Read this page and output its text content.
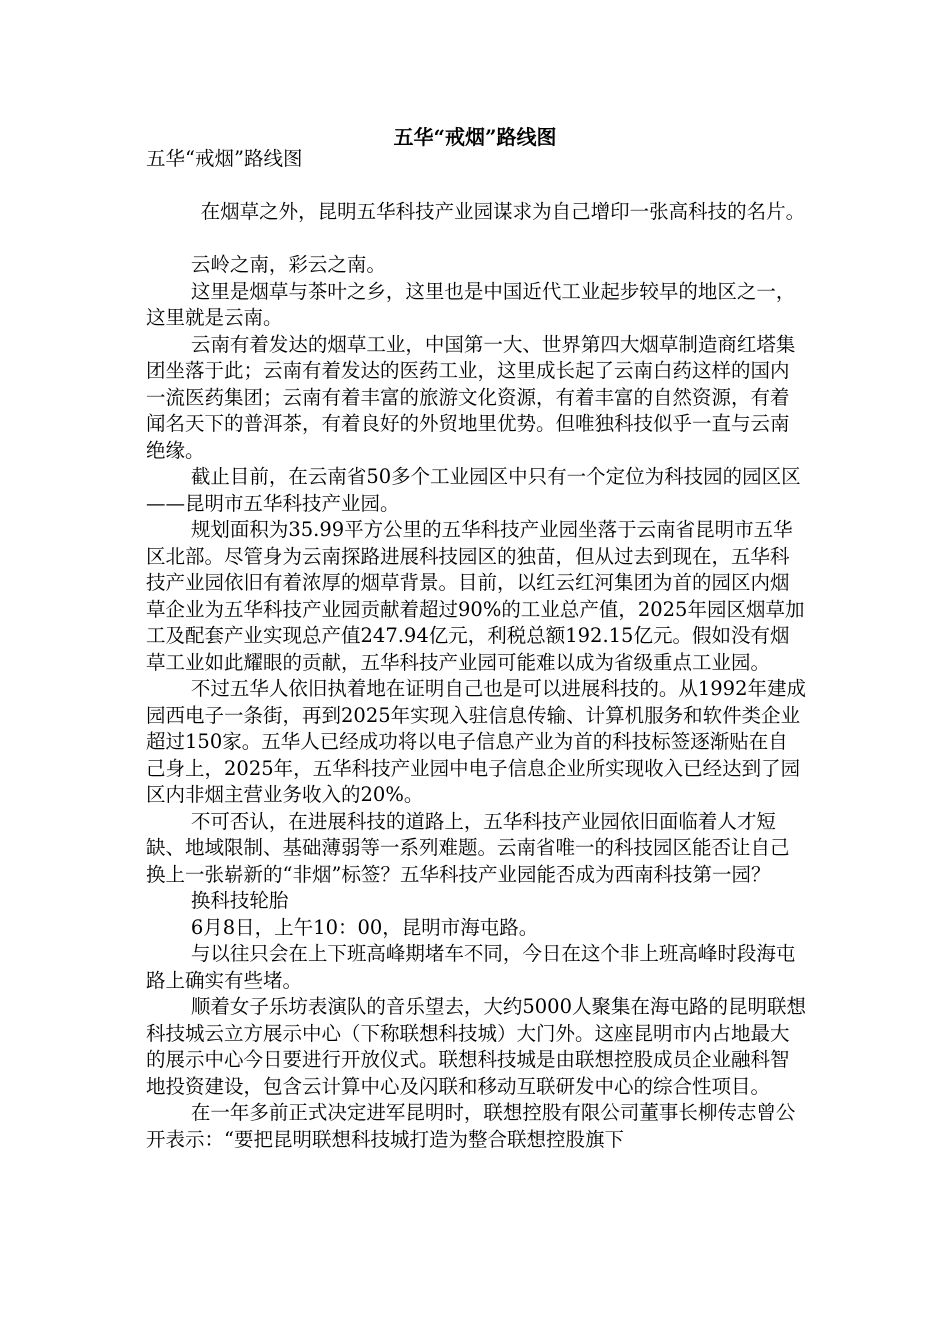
五华“戒烟”路线图

五华“戒烟”路线图

在烟草之外，昆明五华科技产业园谋求为自己增印一张高科技的名片。

云岭之南，彩云之南。

这里是烟草与茶叶之乡，这里也是中国近代工业起步较早的地区之一，这里就是云南。

云南有着发达的烟草工业，中国第一大、世界第四大烟草制造商红塔集团坐落于此；云南有着发达的医药工业，这里成长起了云南白药这样的国内一流医药集团；云南有着丰富的旅游文化资源，有着丰富的自然资源，有着闻名天下的普洱茶，有着良好的外贸地里优势。但唯独科技似乎一直与云南绝缘。

截止目前，在云南省50多个工业园区中只有一个定位为科技园的园区区——昆明市五华科技产业园。

规划面积为35.99平方公里的五华科技产业园坐落于云南省昆明市五华区北部。尽管身为云南探路进展科技园区的独苗，但从过去到现在，五华科技产业园依旧有着浓厚的烟草背景。目前，以红云红河集团为首的园区内烟草企业为五华科技产业园贡献着超过90%的工业总产值，2025年园区烟草加工及配套产业实现总产值247.94亿元，利税总额192.15亿元。假如没有烟草工业如此耀眼的贡献，五华科技产业园可能难以成为省级重点工业园。

不过五华人依旧执着地在证明自己也是可以进展科技的。从1992年建成园西电子一条街，再到2025年实现入驻信息传输、计算机服务和软件类企业超过150家。五华人已经成功将以电子信息产业为首的科技标签逐渐贴在自己身上，2025年，五华科技产业园中电子信息企业所实现收入已经达到了园区内非烟主营业务收入的20%。

不可否认，在进展科技的道路上，五华科技产业园依旧面临着人才短缺、地域限制、基础薄弱等一系列难题。云南省唯一的科技园区能否让自己换上一张崭新的“非烟”标签？五华科技产业园能否成为西南科技第一园？

换科技轮胎

6月8日，上午10：00，昆明市海屯路。

与以往只会在上下班高峰期堵车不同，今日在这个非上班高峰时段海屯路上确实有些堵。

顺着女子乐坊表演队的音乐望去，大约5000人聚集在海屯路的昆明联想科技城云立方展示中心（下称联想科技城）大门外。这座昆明市内占地最大的展示中心今日要进行开放仪式。联想科技城是由联想控股成员企业融科智地投资建设，包含云计算中心及闪联和移动互联研发中心的综合性项目。

在一年多前正式决定进军昆明时，联想控股有限公司董事长柳传志曾公开表示：“要把昆明联想科技城打造为整合联想控股旗下
